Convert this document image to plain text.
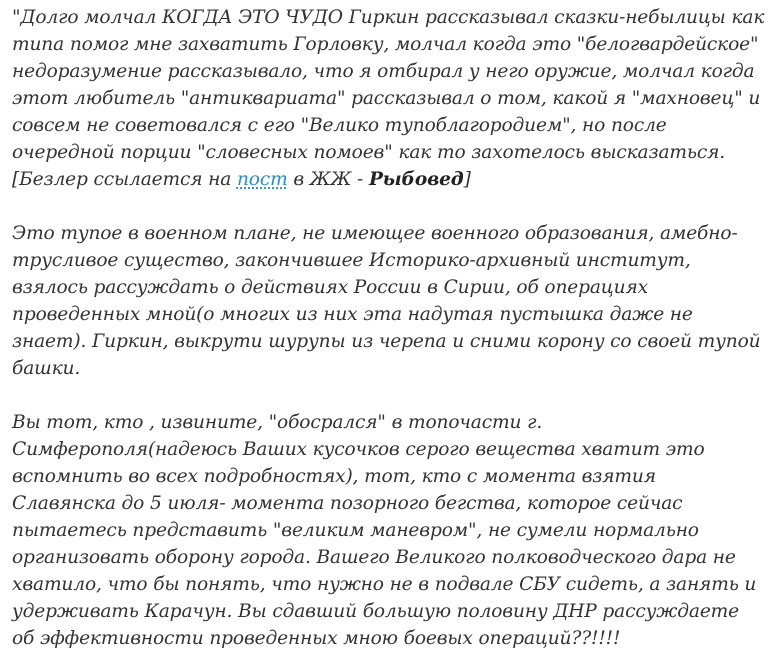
"Долго молчал КОГДА ЭТО ЧУДО Гиркин рассказывал сказки-небылицы как типа помог мне захватить Горловку, молчал когда это "белогвардейское" недоразумение рассказывало, что я отбирал у него оружие, молчал когда этот любитель "антиквариата" рассказывал о том, какой я "махновец" и совсем не советовался с его "Велико тупоблагородием", но после очередной порции "словесных помоев" как то захотелось высказаться. [Безлер ссылается на пост в ЖЖ - Рыбовед]

Это тупое в военном плане, не имеющее военного образования, амебно-трусливое существо, закончившее Историко-архивный институт, взялось рассуждать о действиях России в Сирии, об операциях проведенных мной(о многих из них эта надутая пустышка даже не знает). Гиркин, выкрути шурупы из черепа и сними корону со своей тупой башки.

Вы тот, кто , извините, "обосрался" в топочасти г. Симферополя(надеюсь Ваших кусочков серого вещества хватит это вспомнить во всех подробностях), тот, кто с момента взятия Славянска до 5 июля- момента позорного бегства, которое сейчас пытаетесь представить "великим маневром", не сумели нормально организовать оборону города. Вашего Великого полководческого дара не хватило, что бы понять, что нужно не в подвале СБУ сидеть, а занять и удерживать Карачун. Вы сдавший большую половину ДНР рассуждаете об эффективности проведенных мною боевых операций??!!!!
